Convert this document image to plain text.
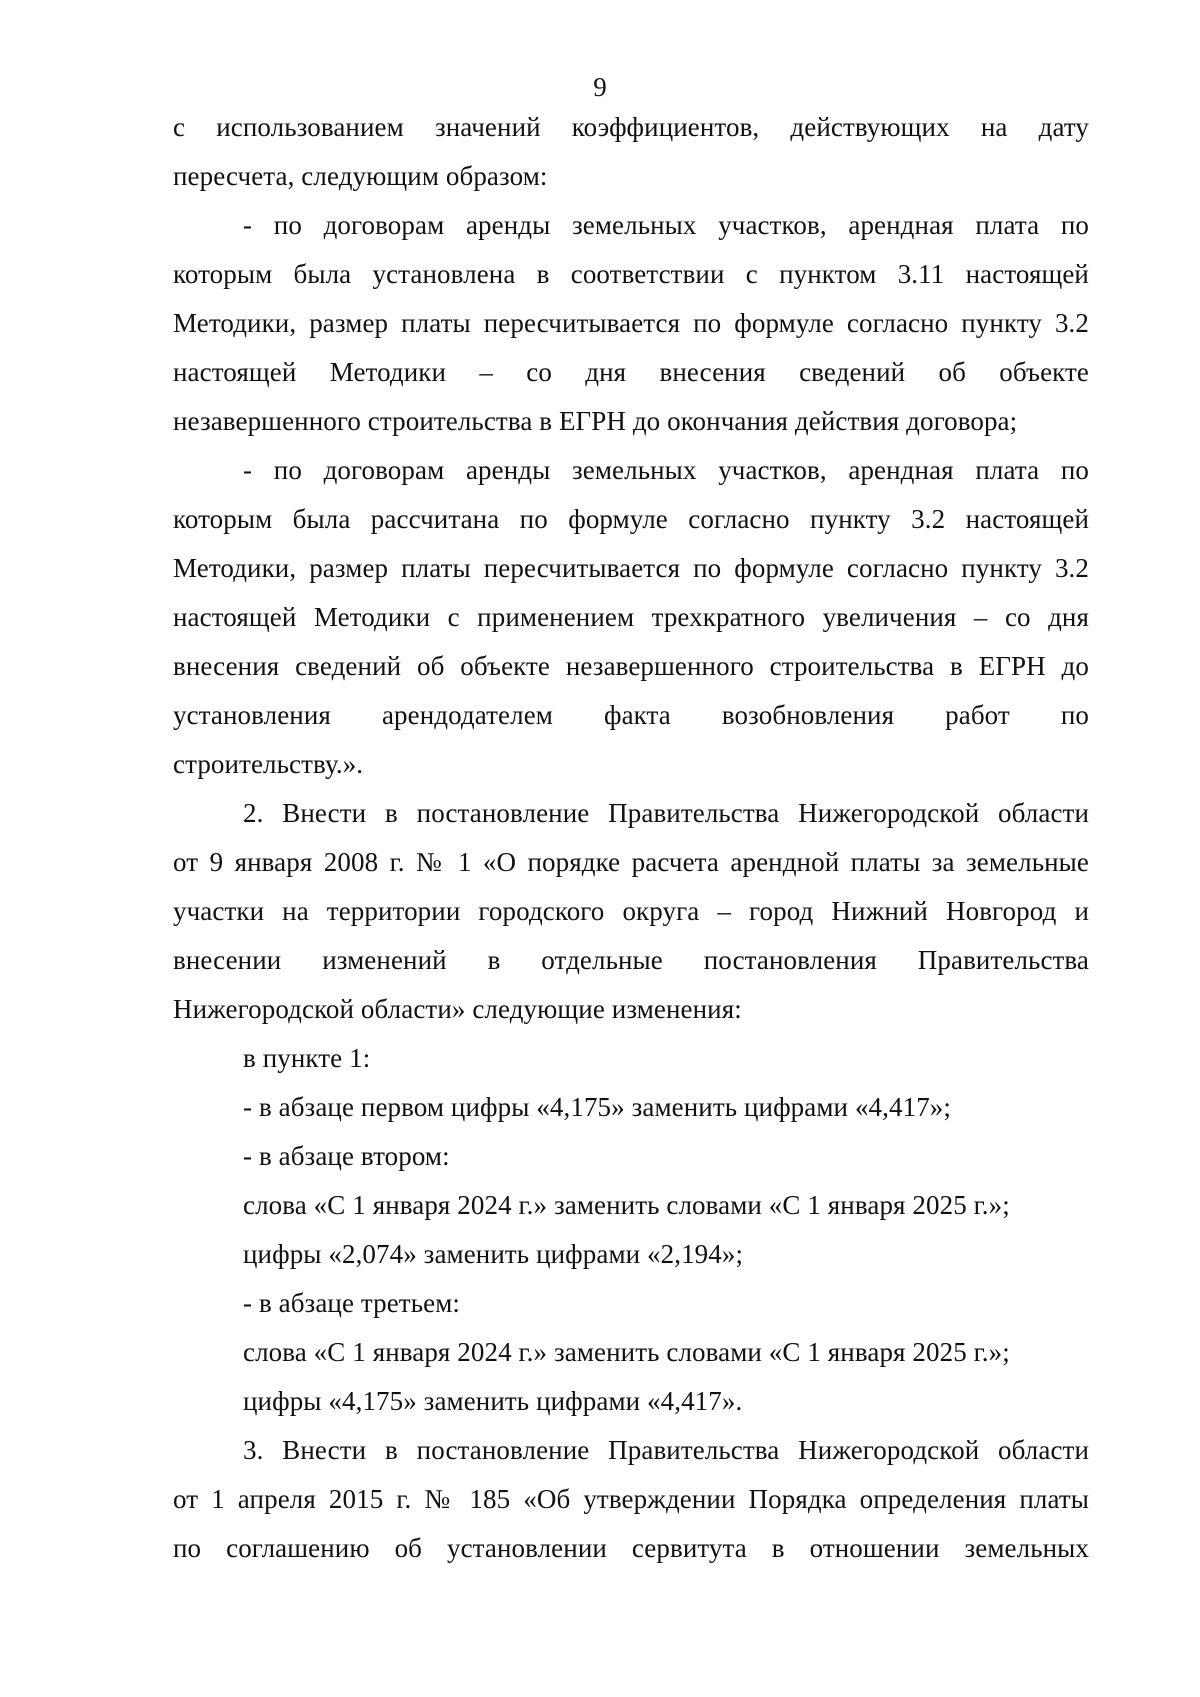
9
с использованием значений коэффициентов, действующих на дату
пересчета, следующим образом:
- по договорам аренды земельных участков, арендная плата по
которым была установлена в соответствии с пунктом 3.11 настоящей
Методики, размер платы пересчитывается по формуле согласно пункту 3.2
настоящей Методики – со дня внесения сведений об объекте
незавершенного строительства в ЕГРН до окончания действия договора;
- по договорам аренды земельных участков, арендная плата по
которым была рассчитана по формуле согласно пункту 3.2 настоящей
Методики, размер платы пересчитывается по формуле согласно пункту 3.2
настоящей Методики с применением трехкратного увеличения – со дня
внесения сведений об объекте незавершенного строительства в ЕГРН до
установления арендодателем факта возобновления работ по
строительству.».
2. Внести в постановление Правительства Нижегородской области
от 9 января 2008 г. № 1 «О порядке расчета арендной платы за земельные
участки на территории городского округа – город Нижний Новгород и
внесении изменений в отдельные постановления Правительства
Нижегородской области» следующие изменения:
в пункте 1:
- в абзаце первом цифры «4,175» заменить цифрами «4,417»;
- в абзаце втором:
слова «С 1 января 2024 г.» заменить словами «С 1 января 2025 г.»;
цифры «2,074» заменить цифрами «2,194»;
- в абзаце третьем:
слова «С 1 января 2024 г.» заменить словами «С 1 января 2025 г.»;
цифры «4,175» заменить цифрами «4,417».
3. Внести в постановление Правительства Нижегородской области
от 1 апреля 2015 г. № 185 «Об утверждении Порядка определения платы
по соглашению об установлении сервитута в отношении земельных
